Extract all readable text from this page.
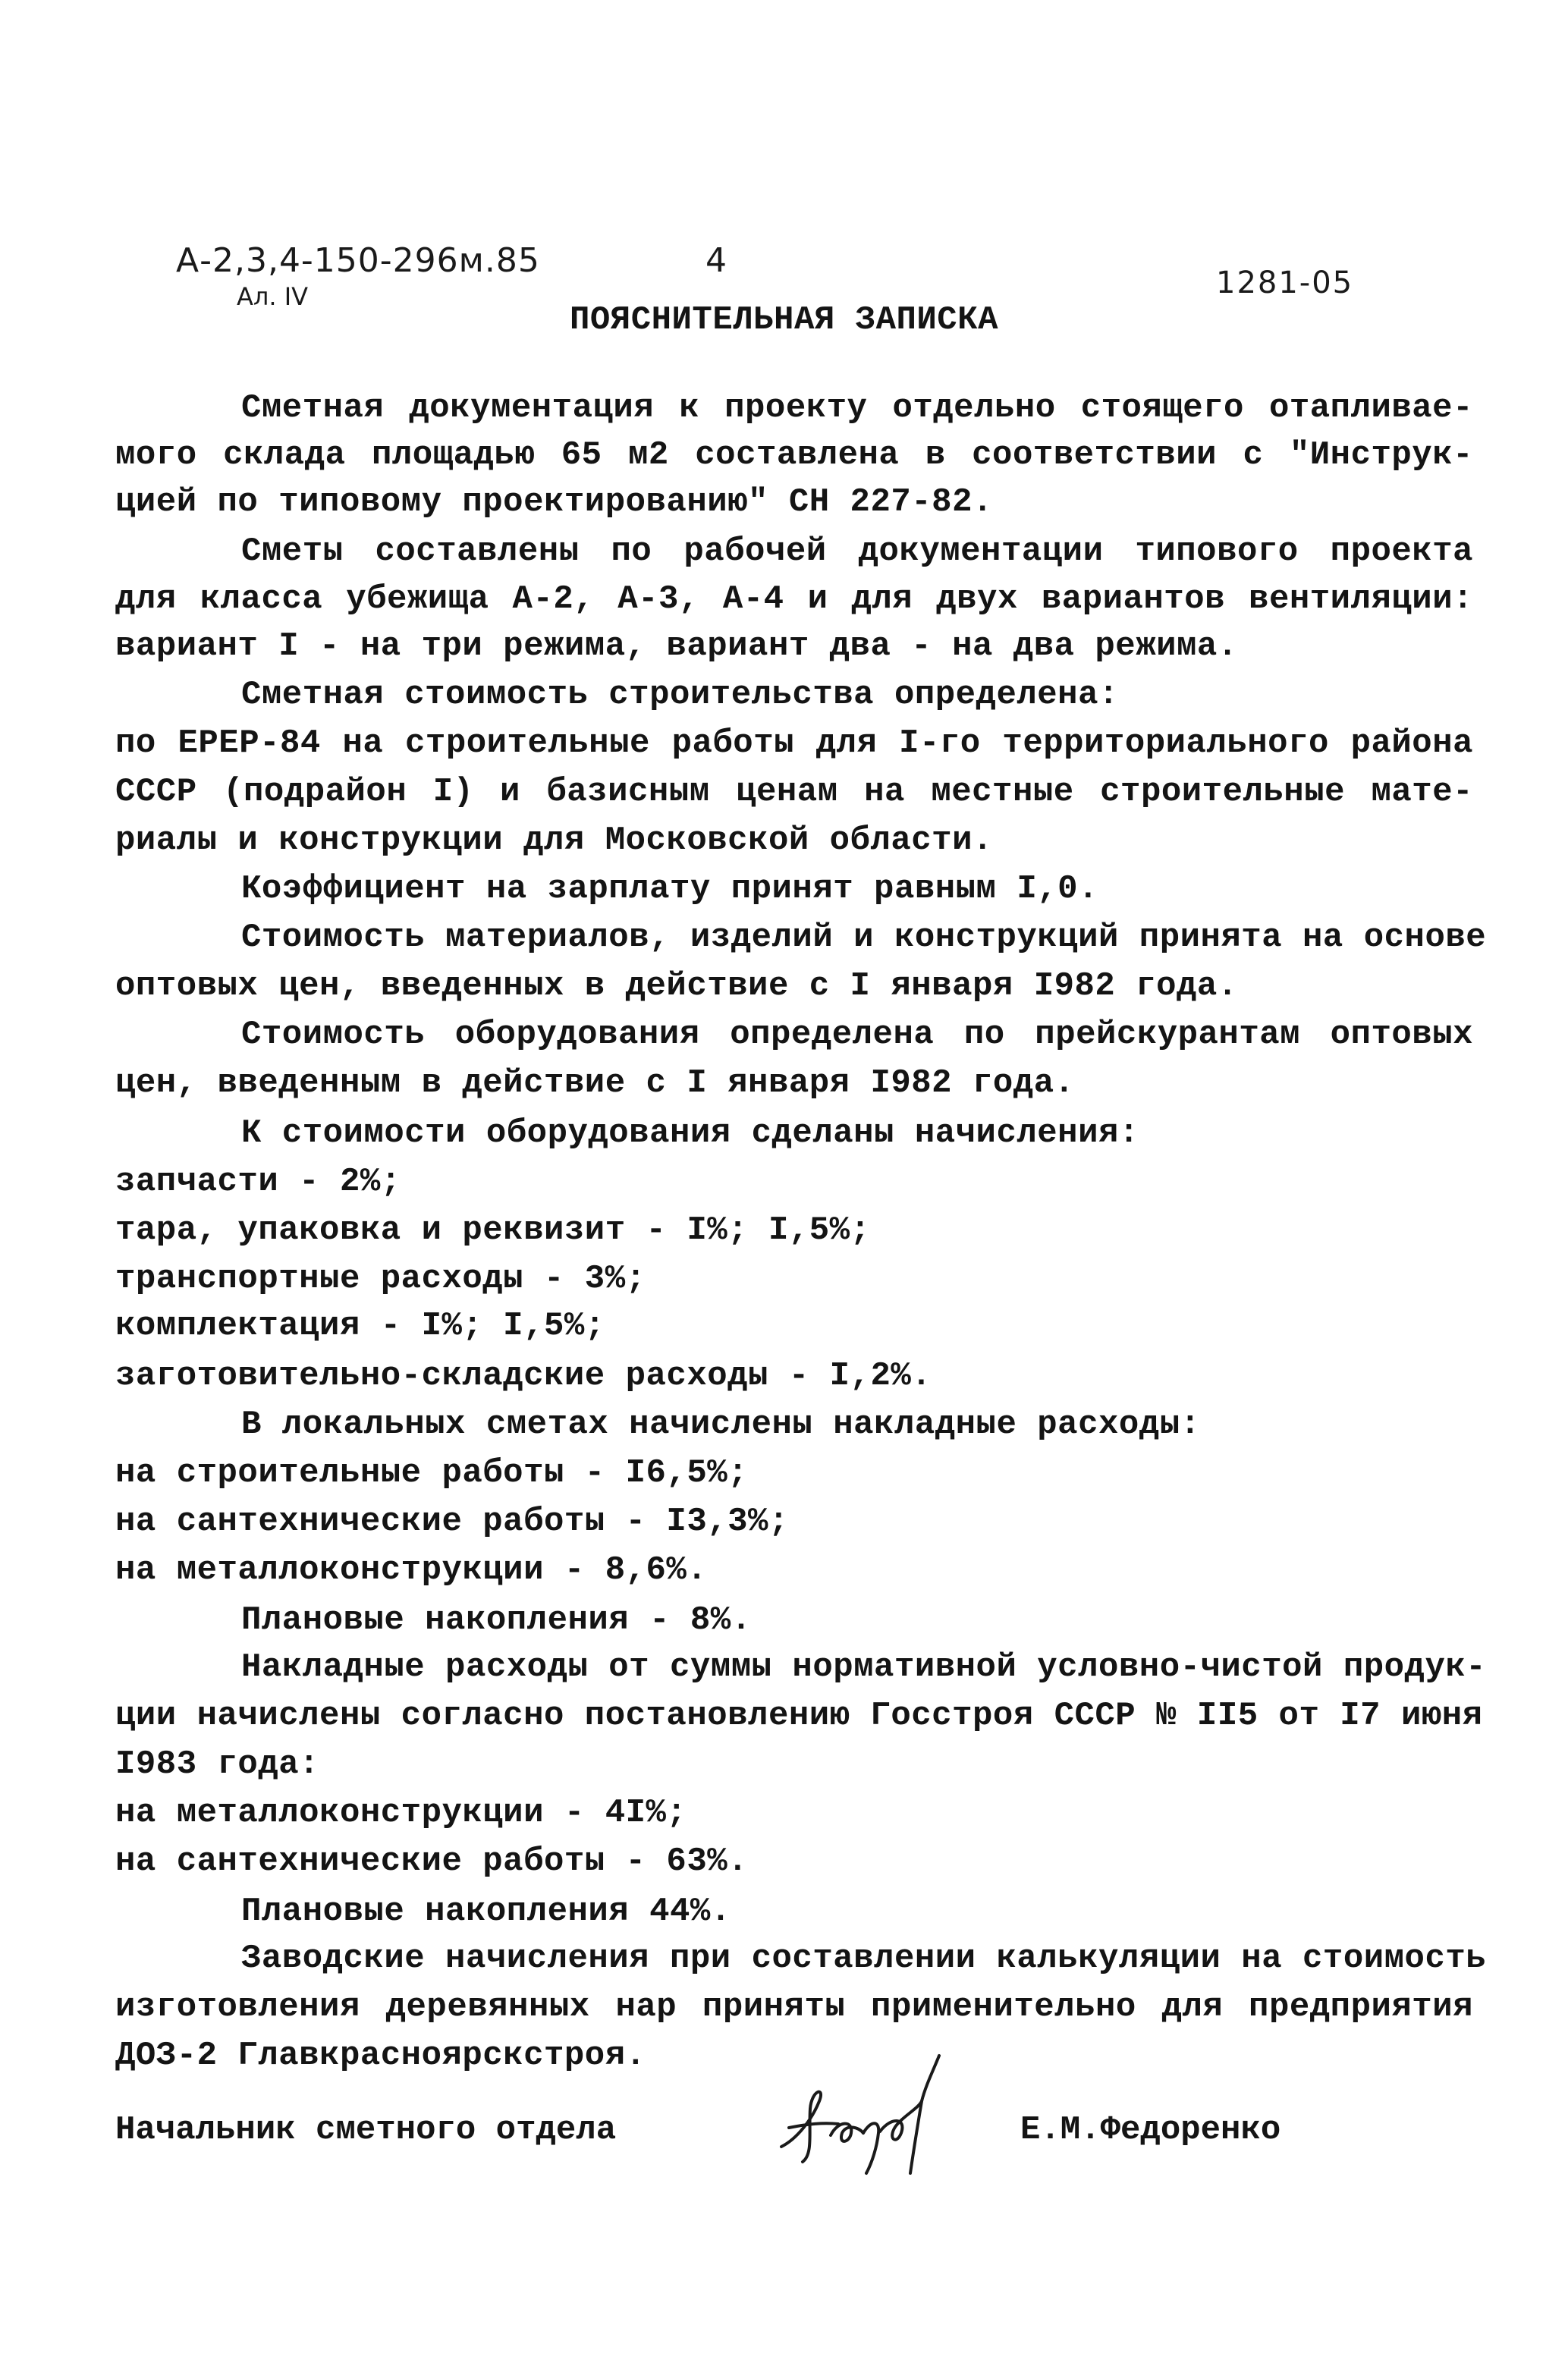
А-2,3,4-150-296м.85
Ал. IV
4
1281-05
ПОЯСНИТЕЛЬНАЯ ЗАПИСКА
Сметная документация к проекту отдельно стоящего отапливае-
мого склада площадью 65 м2 составлена в соответствии с "Инструк-
цией по типовому проектированию" СН 227-82.
Сметы составлены по рабочей документации типового проекта
для класса убежища А-2, А-3, А-4 и для двух вариантов вентиляции:
вариант I - на три режима, вариант два - на два режима.
Сметная стоимость строительства определена:
по ЕРЕР-84 на строительные работы для I-го территориального района
СССР (подрайон I) и базисным ценам на местные строительные мате-
риалы и конструкции для Московской области.
Коэффициент на зарплату принят равным I,0.
Стоимость материалов, изделий и конструкций принята на основе
оптовых цен, введенных в действие с I января I982 года.
Стоимость оборудования определена по прейскурантам оптовых
цен, введенным в действие с I января I982 года.
К стоимости оборудования сделаны начисления:
запчасти - 2%;
тара, упаковка и реквизит - I%; I,5%;
транспортные расходы - 3%;
комплектация - I%; I,5%;
заготовительно-складские расходы - I,2%.
В локальных сметах начислены накладные расходы:
на строительные работы - I6,5%;
на сантехнические работы - I3,3%;
на металлоконструкции - 8,6%.
Плановые накопления - 8%.
Накладные расходы от суммы нормативной условно-чистой продук-
ции начислены согласно постановлению Госстроя СССР № II5 от I7 июня
I983 года:
на металлоконструкции - 4I%;
на сантехнические работы - 63%.
Плановые накопления 44%.
Заводские начисления при составлении калькуляции на стоимость
изготовления деревянных нар приняты применительно для предприятия
ДОЗ-2 Главкрасноярскстроя.
Начальник сметного отдела	Е.М.Федоренко
